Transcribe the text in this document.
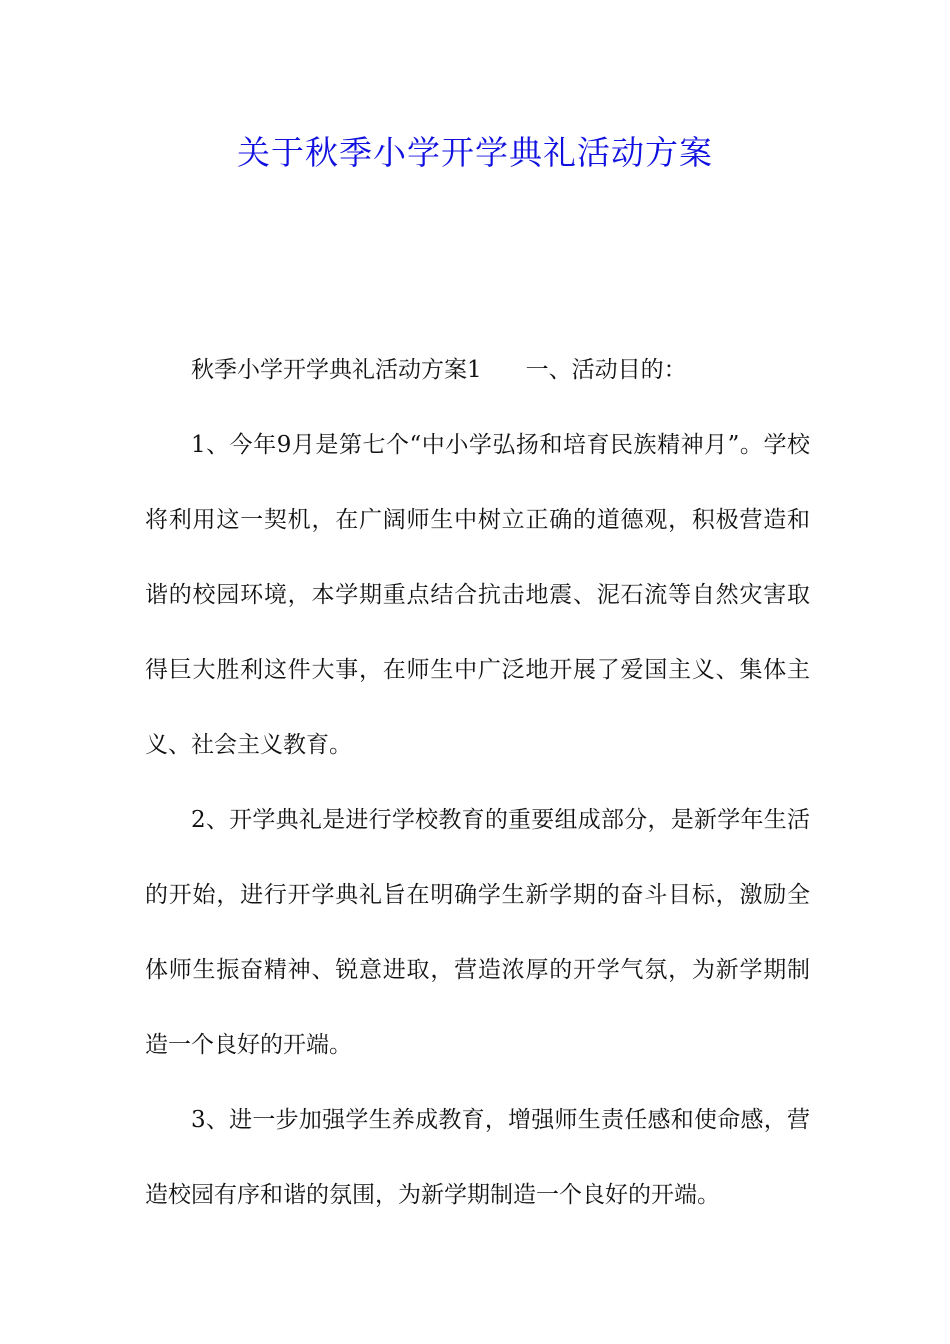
关于秋季小学开学典礼活动方案

秋季小学开学典礼活动方案1 一、活动目的：

1、今年9月是第七个“中小学弘扬和培育民族精神月”。学校将利用这一契机，在广阔师生中树立正确的道德观，积极营造和谐的校园环境，本学期重点结合抗击地震、泥石流等自然灾害取得巨大胜利这件大事，在师生中广泛地开展了爱国主义、集体主义、社会主义教育。

2、开学典礼是进行学校教育的重要组成部分，是新学年生活的开始，进行开学典礼旨在明确学生新学期的奋斗目标，激励全体师生振奋精神、锐意进取，营造浓厚的开学气氛，为新学期制造一个良好的开端。

3、进一步加强学生养成教育，增强师生责任感和使命感，营造校园有序和谐的氛围，为新学期制造一个良好的开端。
